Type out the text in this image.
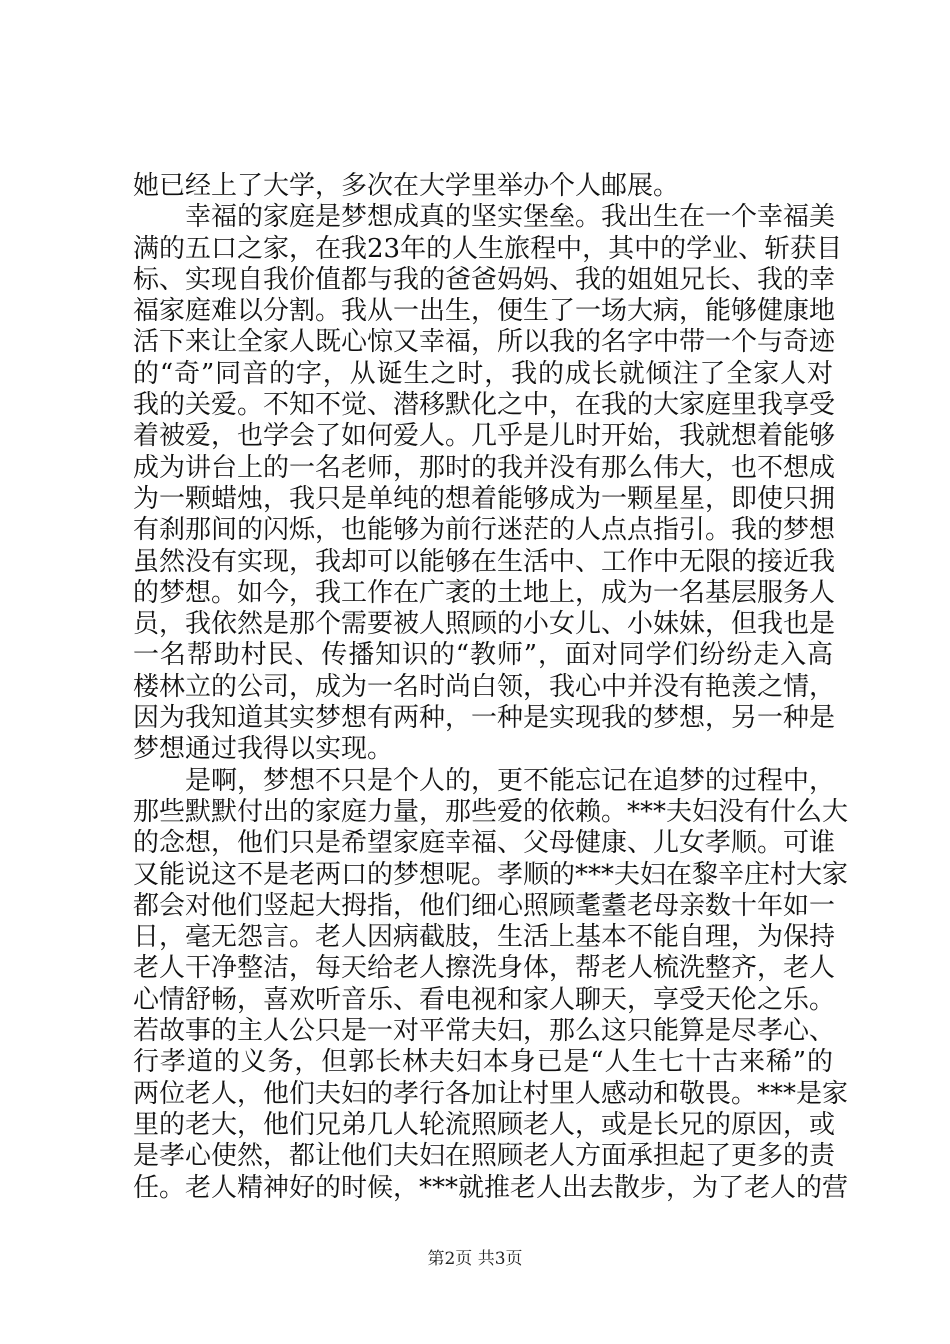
她已经上了大学，多次在大学里举办个人邮展。
幸福的家庭是梦想成真的坚实堡垒。我出生在一个幸福美
满的五口之家，在我23年的人生旅程中，其中的学业、斩获目
标、实现自我价值都与我的爸爸妈妈、我的姐姐兄长、我的幸
福家庭难以分割。我从一出生，便生了一场大病，能够健康地
活下来让全家人既心惊又幸福，所以我的名字中带一个与奇迹
的“奇”同音的字，从诞生之时，我的成长就倾注了全家人对
我的关爱。不知不觉、潜移默化之中，在我的大家庭里我享受
着被爱，也学会了如何爱人。几乎是儿时开始，我就想着能够
成为讲台上的一名老师，那时的我并没有那么伟大，也不想成
为一颗蜡烛，我只是单纯的想着能够成为一颗星星，即使只拥
有刹那间的闪烁，也能够为前行迷茫的人点点指引。我的梦想
虽然没有实现，我却可以能够在生活中、工作中无限的接近我
的梦想。如今，我工作在广袤的土地上，成为一名基层服务人
员，我依然是那个需要被人照顾的小女儿、小妹妹，但我也是
一名帮助村民、传播知识的“教师”，面对同学们纷纷走入高
楼林立的公司，成为一名时尚白领，我心中并没有艳羡之情，
因为我知道其实梦想有两种，一种是实现我的梦想，另一种是
梦想通过我得以实现。
是啊，梦想不只是个人的，更不能忘记在追梦的过程中，
那些默默付出的家庭力量，那些爱的依赖。***夫妇没有什么大
的念想，他们只是希望家庭幸福、父母健康、儿女孝顺。可谁
又能说这不是老两口的梦想呢。孝顺的***夫妇在黎辛庄村大家
都会对他们竖起大拇指，他们细心照顾耄耋老母亲数十年如一
日，毫无怨言。老人因病截肢，生活上基本不能自理，为保持
老人干净整洁，每天给老人擦洗身体，帮老人梳洗整齐，老人
心情舒畅，喜欢听音乐、看电视和家人聊天，享受天伦之乐。
若故事的主人公只是一对平常夫妇，那么这只能算是尽孝心、
行孝道的义务，但郭长林夫妇本身已是“人生七十古来稀”的
两位老人，他们夫妇的孝行各加让村里人感动和敬畏。***是家
里的老大，他们兄弟几人轮流照顾老人，或是长兄的原因，或
是孝心使然，都让他们夫妇在照顾老人方面承担起了更多的责
任。老人精神好的时候，***就推老人出去散步，为了老人的营
第2页 共3页
